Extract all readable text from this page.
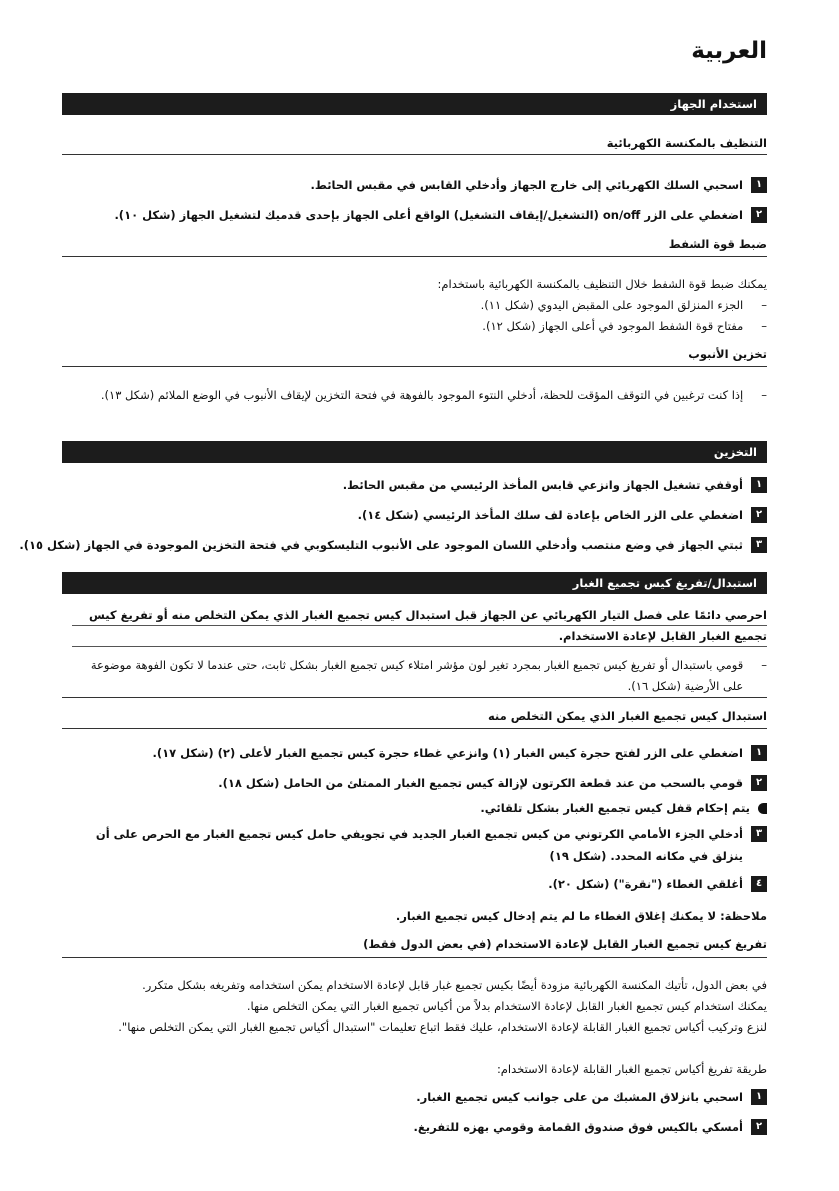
العربية
استخدام الجهاز
التنظيف بالمكنسة الكهربائية
١
اسحبي السلك الكهربائي إلى خارج الجهاز وأدخلي القابس في مقبس الحائط.
٢
اضغطي على الزر on/off (التشغيل/إيقاف التشغيل) الواقع أعلى الجهاز بإحدى قدميك لتشغيل الجهاز (شكل ١٠).
ضبط قوة الشفط
يمكنك ضبط قوة الشفط خلال التنظيف بالمكنسة الكهربائية باستخدام:
–
الجزء المنزلق الموجود على المقبض اليدوي (شكل ١١).
–
مفتاح قوة الشفط الموجود في أعلى الجهاز (شكل ١٢).
تخزين الأنبوب
–
إذا كنت ترغبين في التوقف المؤقت للحظة، أدخلي النتوء الموجود بالفوهة في فتحة التخزين لإيقاف الأنبوب في الوضع الملائم (شكل ١٣).
التخزين
١
أوقفي تشغيل الجهاز وانزعي قابس المأخذ الرئيسي من مقبس الحائط.
٢
اضغطي على الزر الخاص بإعادة لف سلك المأخذ الرئيسي (شكل ١٤).
٣
ثبتي الجهاز في وضع منتصب وأدخلي اللسان الموجود على الأنبوب التليسكوبي في فتحة التخزين الموجودة في الجهاز (شكل ١٥).
استبدال/تفريغ كيس تجميع الغبار
احرصي دائمًا على فصل التيار الكهربائي عن الجهاز قبل استبدال كيس تجميع الغبار الذي يمكن التخلص منه أو تفريغ كيس تجميع الغبار القابل لإعادة الاستخدام.
–
قومي باستبدال أو تفريغ كيس تجميع الغبار بمجرد تغير لون مؤشر امتلاء كيس تجميع الغبار بشكل ثابت، حتى عندما لا تكون الفوهة موضوعة على الأرضية (شكل ١٦).
استبدال كيس تجميع الغبار الذي يمكن التخلص منه
١
اضغطي على الزر لفتح حجرة كيس الغبار (١) وانزعي غطاء حجرة كيس تجميع الغبار لأعلى (٢) (شكل ١٧).
٢
قومي بالسحب من عند قطعة الكرتون لإزالة كيس تجميع الغبار الممتلئ من الحامل (شكل ١٨).
يتم إحكام قفل كيس تجميع الغبار بشكل تلقائي.
٣
أدخلي الجزء الأمامي الكرتوني من كيس تجميع الغبار الجديد في تجويفي حامل كيس تجميع الغبار مع الحرص على أن ينزلق في مكانه المحدد. (شكل ١٩)
٤
أغلقي الغطاء ("نقرة") (شكل ٢٠).
ملاحظة: لا يمكنك إغلاق الغطاء ما لم يتم إدخال كيس تجميع الغبار.
تفريغ كيس تجميع الغبار القابل لإعادة الاستخدام (في بعض الدول فقط)
في بعض الدول، تأتيك المكنسة الكهربائية مزودة أيضًا بكيس تجميع غبار قابل لإعادة الاستخدام يمكن استخدامه وتفريغه بشكل متكرر.
يمكنك استخدام كيس تجميع الغبار القابل لإعادة الاستخدام بدلاً من أكياس تجميع الغبار التي يمكن التخلص منها.
لنزع وتركيب أكياس تجميع الغبار القابلة لإعادة الاستخدام، عليك فقط اتباع تعليمات "استبدال أكياس تجميع الغبار التي يمكن التخلص منها".
طريقة تفريغ أكياس تجميع الغبار القابلة لإعادة الاستخدام:
١
اسحبي بانزلاق المشبك من على جوانب كيس تجميع الغبار.
٢
أمسكي بالكيس فوق صندوق القمامة وقومي بهزه للتفريغ.
